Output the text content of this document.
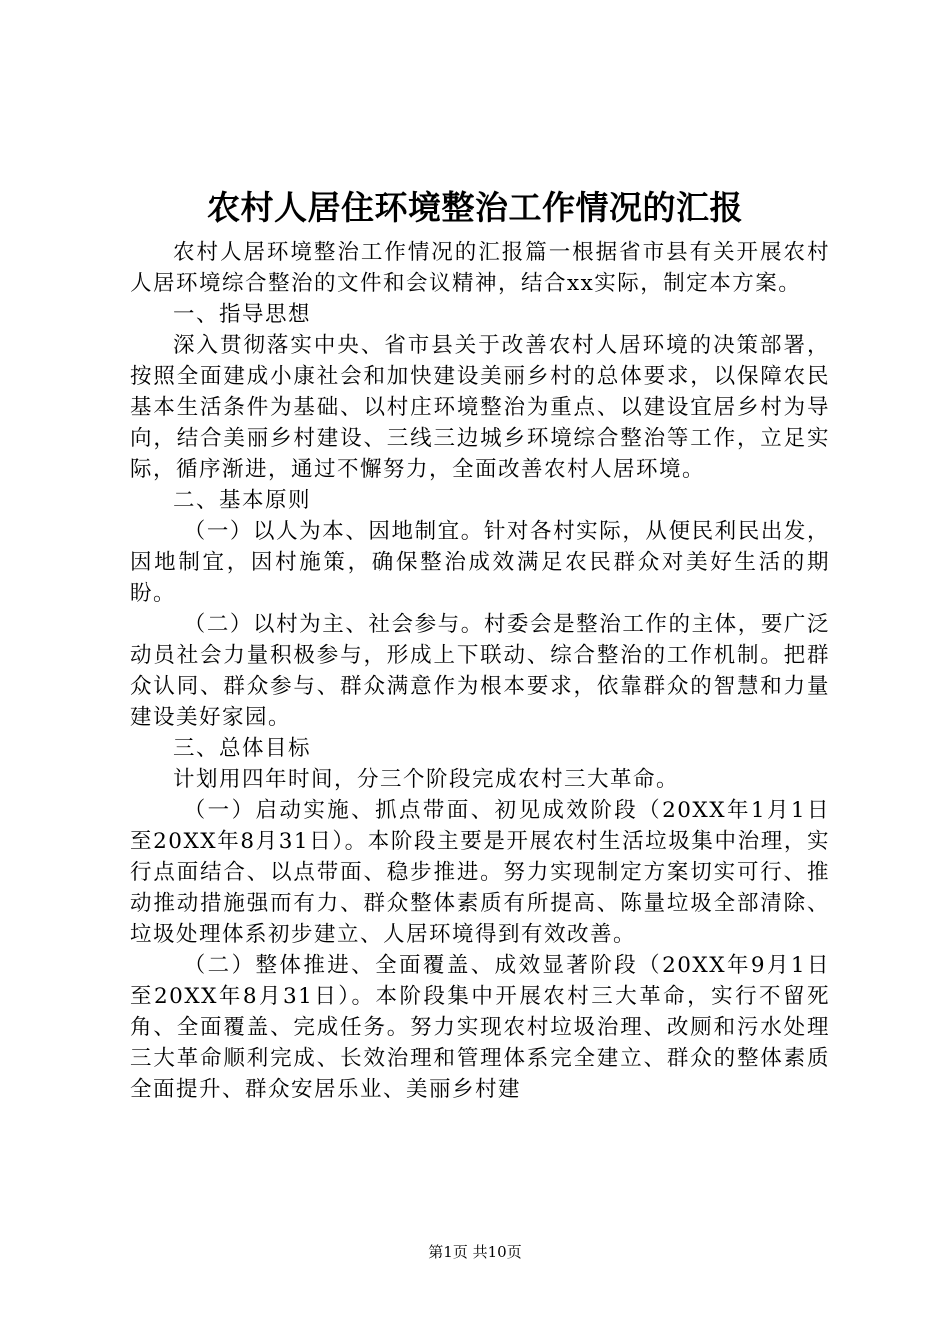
农村人居住环境整治工作情况的汇报

农村人居环境整治工作情况的汇报篇一根据省市县有关开展农村人居环境综合整治的文件和会议精神，结合xx实际，制定本方案。

一、指导思想

深入贯彻落实中央、省市县关于改善农村人居环境的决策部署，按照全面建成小康社会和加快建设美丽乡村的总体要求，以保障农民基本生活条件为基础、以村庄环境整治为重点、以建设宜居乡村为导向，结合美丽乡村建设、三线三边城乡环境综合整治等工作，立足实际，循序渐进，通过不懈努力，全面改善农村人居环境。

二、基本原则

（一）以人为本、因地制宜。针对各村实际，从便民利民出发，因地制宜，因村施策，确保整治成效满足农民群众对美好生活的期盼。

（二）以村为主、社会参与。村委会是整治工作的主体，要广泛动员社会力量积极参与，形成上下联动、综合整治的工作机制。把群众认同、群众参与、群众满意作为根本要求，依靠群众的智慧和力量建设美好家园。

三、总体目标

计划用四年时间，分三个阶段完成农村三大革命。

（一）启动实施、抓点带面、初见成效阶段（20XX年1月1日至20XX年8月31日）。本阶段主要是开展农村生活垃圾集中治理，实行点面结合、以点带面、稳步推进。努力实现制定方案切实可行、推动推动措施强而有力、群众整体素质有所提高、陈量垃圾全部清除、垃圾处理体系初步建立、人居环境得到有效改善。

（二）整体推进、全面覆盖、成效显著阶段（20XX年9月1日至20XX年8月31日）。本阶段集中开展农村三大革命，实行不留死角、全面覆盖、完成任务。努力实现农村垃圾治理、改厕和污水处理三大革命顺利完成、长效治理和管理体系完全建立、群众的整体素质全面提升、群众安居乐业、美丽乡村建

第1页 共10页
